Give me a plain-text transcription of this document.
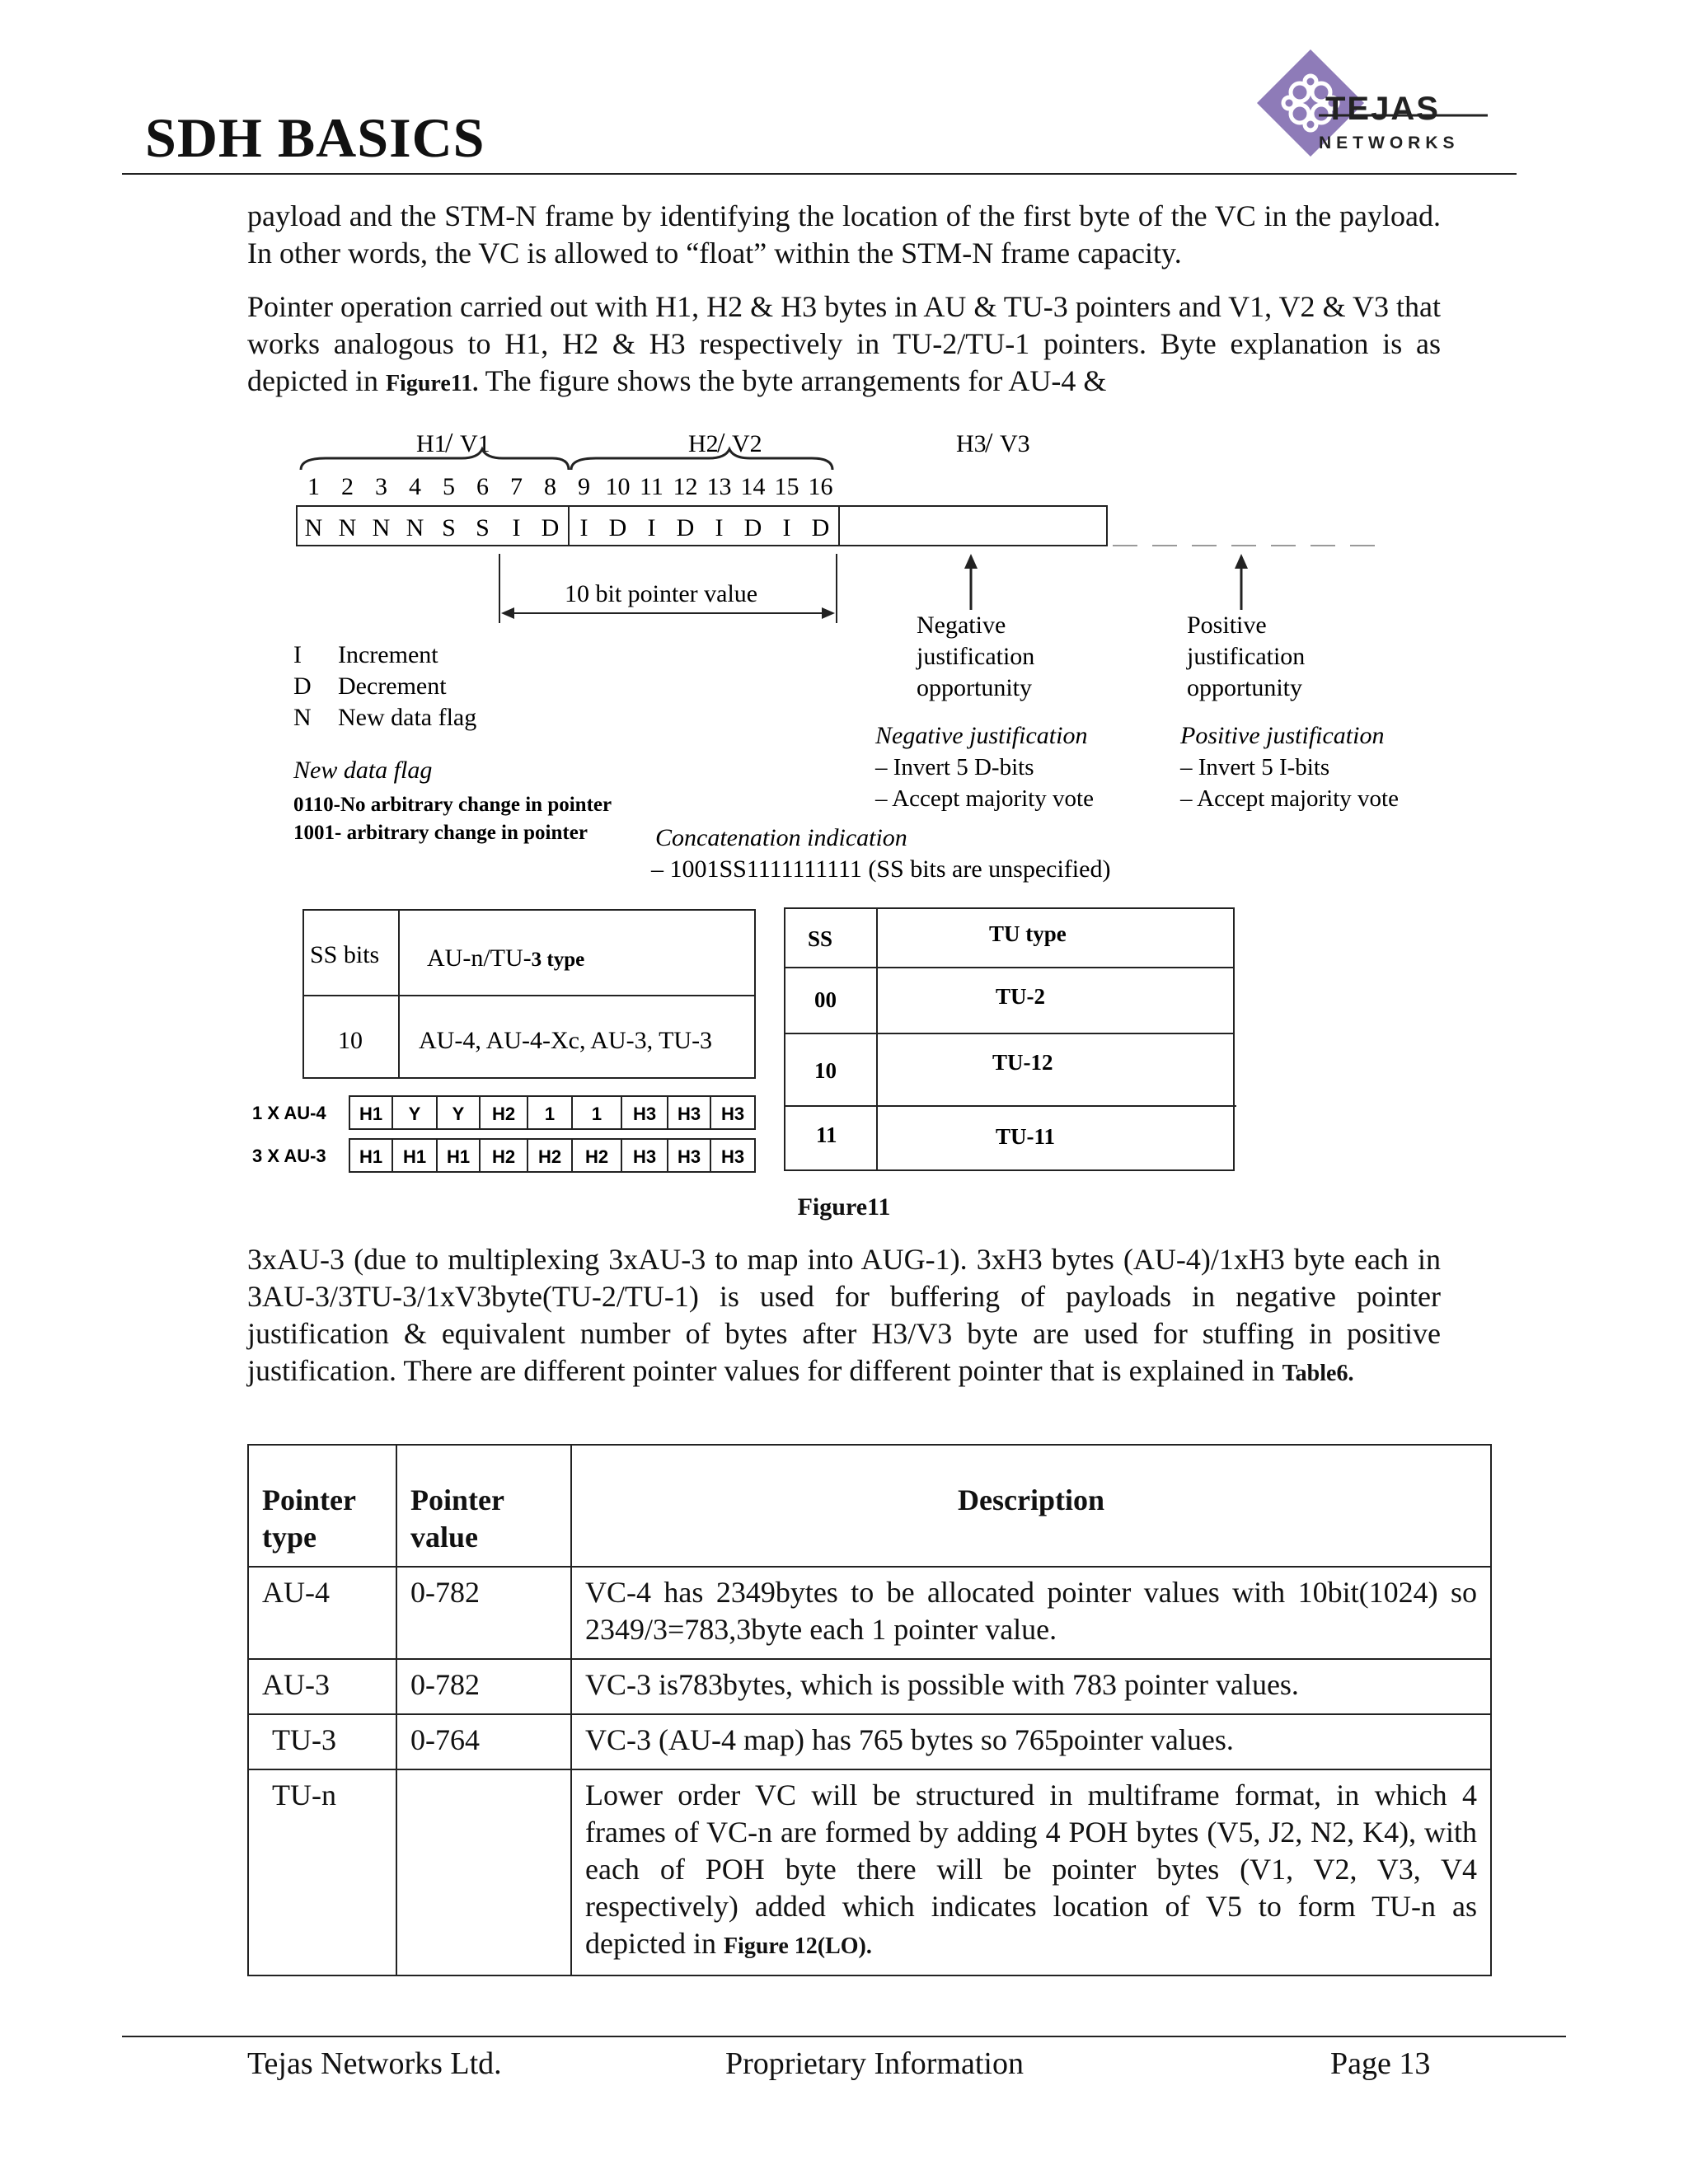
SDH BASICS	TEJAS
NETWORKS
payload and the STM-N frame by identifying the location of the first byte of the VC in the payload. In other words, the VC is allowed to “float” within the STM-N frame capacity.
Pointer operation carried out with H1, H2 & H3 bytes in AU & TU-3 pointers and V1, V2 & V3 that works analogous to H1, H2 & H3 respectively in TU-2/TU-1 pointers. Byte explanation is as depicted in Figure11. The figure shows the byte arrangements for AU-4 &
H1
/ V1	H2
/ V2	H3
/ V3
1 2 3 4 5 6 7 8 9 10 11 12 13 14 15 16
N N N N S S I D I D I D I D I D
10 bit pointer value
Negative
justification
opportunity
Positive
justification
opportunity
I Increment
D Decrement
N New data flag
New data flag
0110-No arbitrary change in pointer
1001- arbitrary change in pointer
Negative justification
– Invert 5 D-bits
– Accept majority vote
Positive justification
– Invert 5 I-bits
– Accept majority vote
Concatenation indication
– 1001SS1111111111 (SS bits are unspecified)
SS bits AU-n/TU-3 type
10 AU-4, AU-4-Xc, AU-3, TU-3
1 X AU-4
3 X AU-3
H1 Y Y H2 1 1 H3 H3 H3
H1 H1 H1 H2 H2 H2 H3 H3 H3
SS	TU type
00	TU-2
10	TU-12
11	TU-11
Figure11
3xAU-3 (due to multiplexing 3xAU-3 to map into AUG-1). 3xH3 bytes (AU-4)/1xH3 byte each in 3AU-3/3TU-3/1xV3byte(TU-2/TU-1) is used for buffering of payloads in negative pointer justification & equivalent number of bytes after H3/V3 byte are used for stuffing in positive justification. There are different pointer values for different pointer that is explained in Table6.
Pointer type	Pointer value	Description
AU-4	0-782	VC-4 has 2349bytes to be allocated pointer values with 10bit(1024) so 2349/3=783,3byte each 1 pointer value.
AU-3	0-782	VC-3 is783bytes, which is possible with 783 pointer values.
TU-3	0-764	VC-3 (AU-4 map) has 765 bytes so 765pointer values.
TU-n		Lower order VC will be structured in multiframe format, in which 4 frames of VC-n are formed by adding 4 POH bytes (V5, J2, N2, K4), with each of POH byte there will be pointer bytes (V1, V2, V3, V4 respectively) added which indicates location of V5 to form TU-n as depicted in Figure 12(LO).
Tejas Networks Ltd.	Proprietary Information	Page 13
